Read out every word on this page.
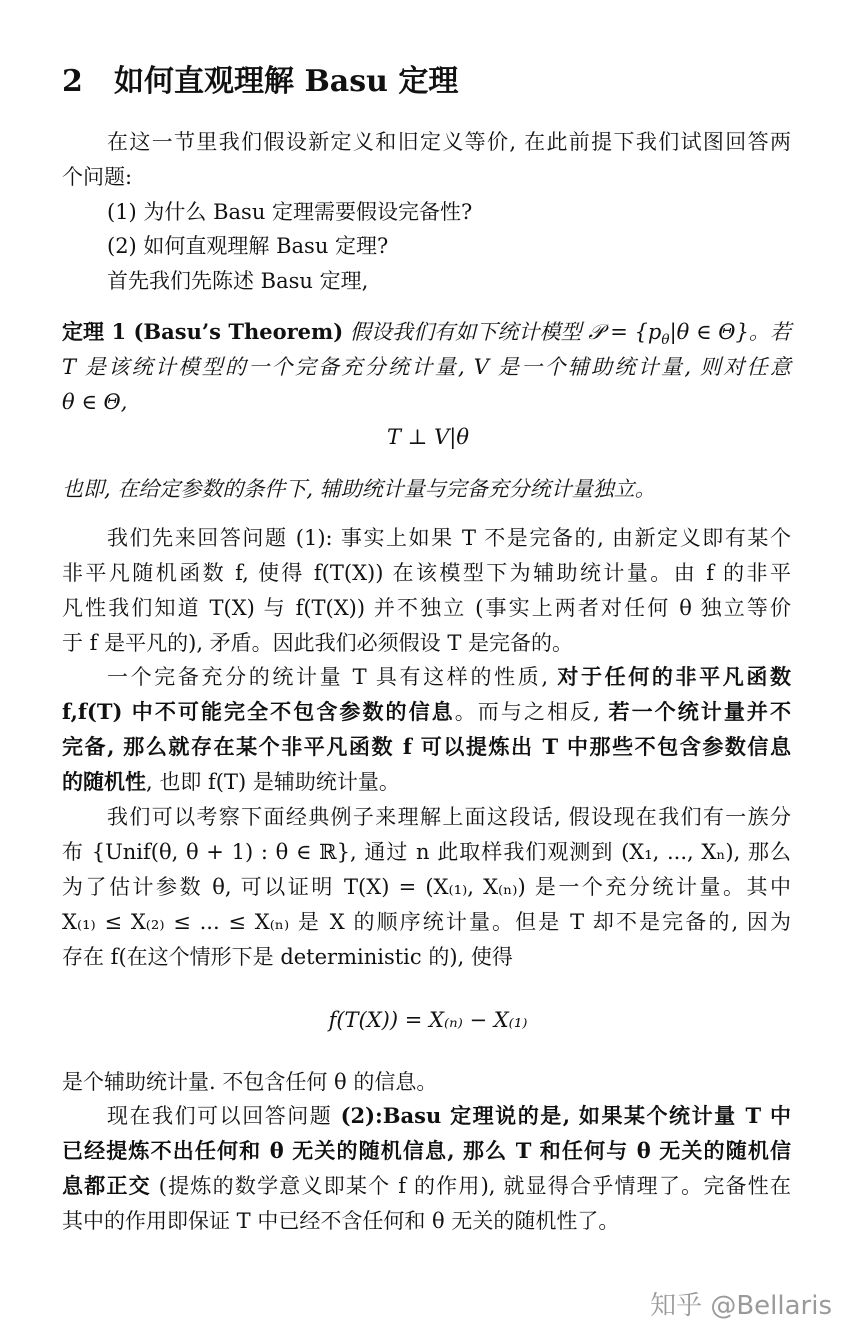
2 如何直观理解 Basu 定理

在这一节里我们假设新定义和旧定义等价, 在此前提下我们试图回答两

个问题:

(1) 为什么 Basu 定理需要假设完备性?

(2) 如何直观理解 Basu 定理?

首先我们先陈述 Basu 定理,

定理 1 (Basu’s Theorem) 假设我们有如下统计模型 𝒫 = {$p_\theta|\theta$ ∈ Θ}。若

T 是该统计模型的一个完备充分统计量, V 是一个辅助统计量, 则对任意

θ ∈ Θ,

T ⊥ V|θ

也即, 在给定参数的条件下, 辅助统计量与完备充分统计量独立。

我们先来回答问题 (1): 事实上如果 T 不是完备的, 由新定义即有某个

非平凡随机函数 f, 使得 f(T(X)) 在该模型下为辅助统计量。由 f 的非平

凡性我们知道 T(X) 与 f(T(X)) 并不独立 (事实上两者对任何 θ 独立等价

于 f 是平凡的), 矛盾。因此我们必须假设 T 是完备的。

一个完备充分的统计量 T 具有这样的性质, 对于任何的非平凡函数

f,f(T) 中不可能完全不包含参数的信息。而与之相反, 若一个统计量并不

完备, 那么就存在某个非平凡函数 f 可以提炼出 T 中那些不包含参数信息

的随机性, 也即 f(T) 是辅助统计量。

我们可以考察下面经典例子来理解上面这段话, 假设现在我们有一族分

布 {Unif(θ, θ + 1) : θ ∈ ℝ}, 通过 n 此取样我们观测到 (X₁, ..., Xₙ), 那么

为了估计参数 θ, 可以证明 T(X) = (X₍₁₎, X₍ₙ₎) 是一个充分统计量。其中

X₍₁₎ ≤ X₍₂₎ ≤ ... ≤ X₍ₙ₎ 是 X 的顺序统计量。但是 T 却不是完备的, 因为

存在 f(在这个情形下是 deterministic 的), 使得

f(T(X)) = X₍ₙ₎ − X₍₁₎

是个辅助统计量. 不包含任何 θ 的信息。

现在我们可以回答问题 (2):Basu 定理说的是, 如果某个统计量 T 中

已经提炼不出任何和 θ 无关的随机信息, 那么 T 和任何与 θ 无关的随机信

息都正交 (提炼的数学意义即某个 f 的作用), 就显得合乎情理了。完备性在

其中的作用即保证 T 中已经不含任何和 θ 无关的随机性了。

知乎 @Bellaris
